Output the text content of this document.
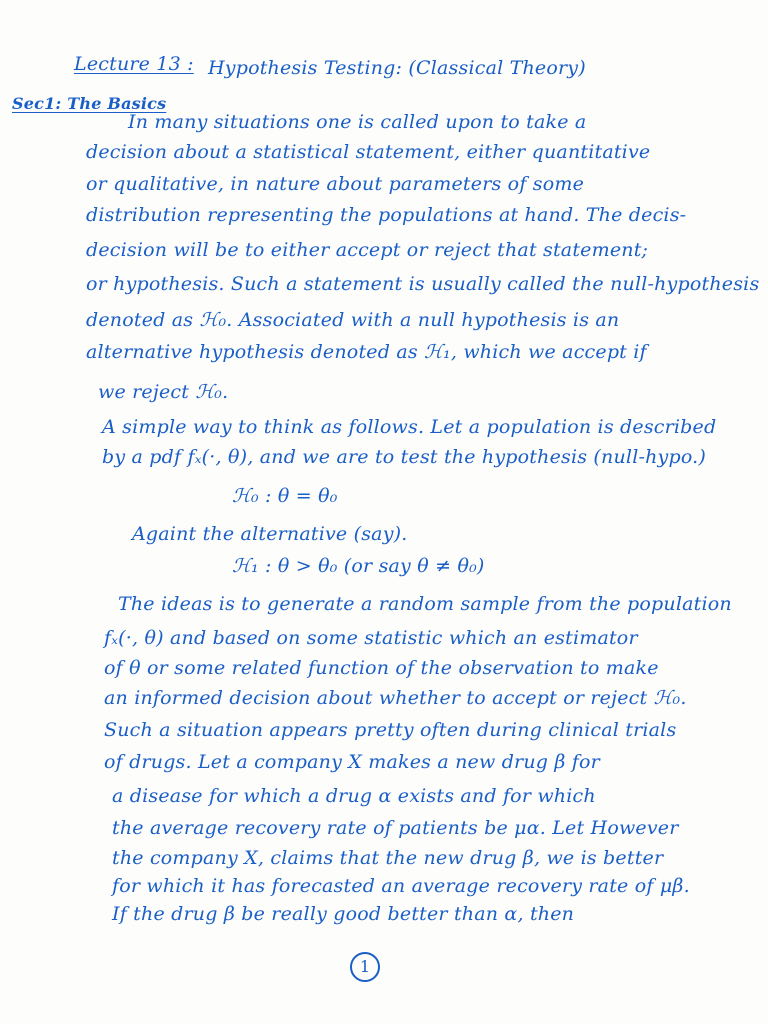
Lecture 13 : Hypothesis Testing: (Classical Theory)
Sec1: The Basics
In many situations one is called upon to take a
decision about a statistical statement, either quantitative
or qualitative, in nature about parameters of some
distribution representing the populations at hand. The decis-
decision will be to either accept or reject that statement;
or hypothesis. Such a statement is usually called the null-hypothesis
denoted as ℋ₀. Associated with a null hypothesis is an
alternative hypothesis denoted as ℋ₁, which we accept if
we reject ℋ₀.
A simple way to think as follows. Let a population is described
by a pdf fₓ(·, θ), and we are to test the hypothesis (null-hypo.)
ℋ₀ : θ = θ₀
Againt the alternative (say).
ℋ₁ : θ > θ₀ (or say θ ≠ θ₀)
The ideas is to generate a random sample from the population
fₓ(·, θ) and based on some statistic which an estimator
of θ or some related function of the observation to make
an informed decision about whether to accept or reject ℋ₀.
Such a situation appears pretty often during clinical trials
of drugs. Let a company X makes a new drug β for
a disease for which a drug α exists and for which
the average recovery rate of patients be μα. Let However
the company X, claims that the new drug β, we is better
for which it has forecasted an average recovery rate of μβ.
If the drug β be really good better than α, then
1
